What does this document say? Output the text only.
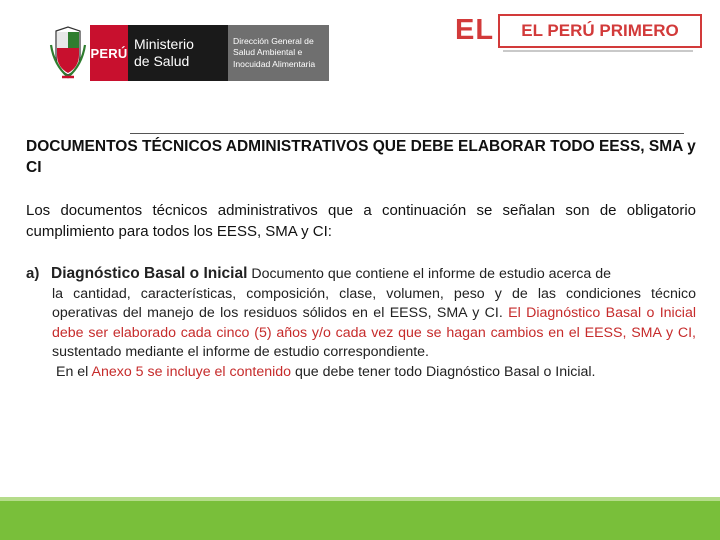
PERÚ
Ministerio
de Salud
Dirección General de
Salud Ambiental e
Inocuidad Alimentaria
EL	EL PERÚ PRIMERO
DOCUMENTOS TÉCNICOS ADMINISTRATIVOS QUE DEBE ELABORAR TODO EESS, SMA y CI
Los documentos técnicos administrativos que a continuación se señalan son de obligatorio cumplimiento para todos los EESS, SMA y CI:
a) Diagnóstico Basal o Inicial Documento que contiene el informe de estudio acerca de
la cantidad, características, composición, clase, volumen, peso y de las condiciones técnico operativas del manejo de los residuos sólidos en el EESS, SMA y CI. El Diagnóstico Basal o Inicial debe ser elaborado cada cinco (5) años y/o cada vez que se hagan cambios en el EESS, SMA y CI, sustentado mediante el informe de estudio correspondiente.
En el Anexo 5 se incluye el contenido que debe tener todo Diagnóstico Basal o Inicial.
